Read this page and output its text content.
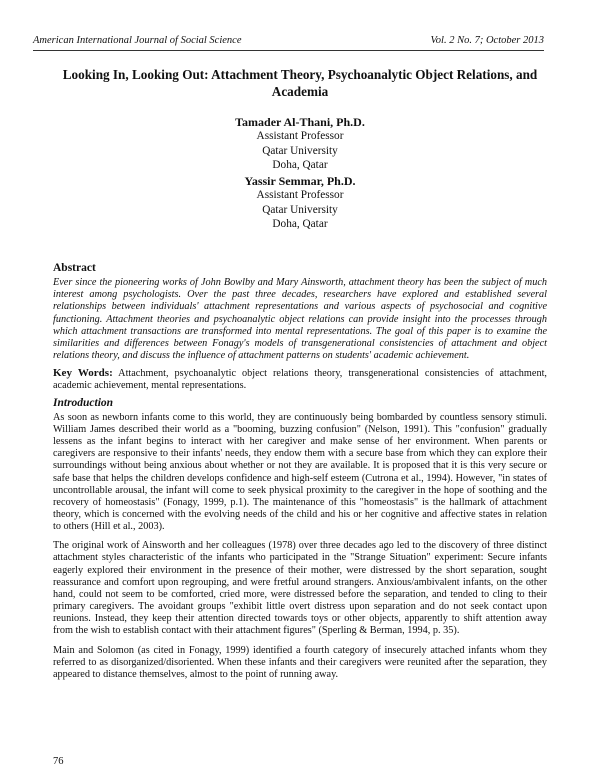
American International Journal of Social Science	Vol. 2 No. 7; October 2013
Looking In, Looking Out: Attachment Theory, Psychoanalytic Object Relations, and Academia
Tamader Al-Thani, Ph.D.
Assistant Professor
Qatar University
Doha, Qatar
Yassir Semmar, Ph.D.
Assistant Professor
Qatar University
Doha, Qatar

Abstract

Ever since the pioneering works of John Bowlby and Mary Ainsworth, attachment theory has been the subject of much interest among psychologists. Over the past three decades, researchers have explored and established several relationships between individuals' attachment representations and various aspects of psychosocial and cognitive functioning. Attachment theories and psychoanalytic object relations can provide insight into the processes through which attachment transactions are transformed into mental representations. The goal of this paper is to examine the similarities and differences between Fonagy's models of transgenerational consistencies of attachment and object relations theory, and discuss the influence of attachment patterns on students' academic achievement.

Key Words: Attachment, psychoanalytic object relations theory, transgenerational consistencies of attachment, academic achievement, mental representations.

Introduction

As soon as newborn infants come to this world, they are continuously being bombarded by countless sensory stimuli. William James described their world as a "booming, buzzing confusion" (Nelson, 1991). This "confusion" gradually lessens as the infant begins to interact with her caregiver and make sense of her environment. When parents or caregivers are responsive to their infants' needs, they endow them with a secure base from which they can explore their surroundings without being anxious about whether or not they are available. It is proposed that it is this very secure or safe base that helps the children develops confidence and high-self esteem (Cutrona et al., 1994). However, "in states of uncontrollable arousal, the infant will come to seek physical proximity to the caregiver in the hope of soothing and the recovery of homeostasis" (Fonagy, 1999, p.1). The maintenance of this "homeostasis" is the hallmark of attachment theory, which is concerned with the evolving needs of the child and his or her cognitive and affective states in relation to others (Hill et al., 2003).

The original work of Ainsworth and her colleagues (1978) over three decades ago led to the discovery of three distinct attachment styles characteristic of the infants who participated in the "Strange Situation" experiment: Secure infants eagerly explored their environment in the presence of their mother, were distressed by the short separation, sought reassurance and comfort upon regrouping, and were fretful around strangers. Anxious/ambivalent infants, on the other hand, could not seem to be comforted, cried more, were distressed before the separation, and tended to cling to their primary caregivers. The avoidant groups "exhibit little overt distress upon separation and do not seek contact upon reunions. Instead, they keep their attention directed towards toys or other objects, apparently to shift attention away from the wish to establish contact with their attachment figures" (Sperling & Berman, 1994, p. 35).

Main and Solomon (as cited in Fonagy, 1999) identified a fourth category of insecurely attached infants whom they referred to as disorganized/disoriented. When these infants and their caregivers were reunited after the separation, they appeared to distance themselves, almost to the point of running away.

76
